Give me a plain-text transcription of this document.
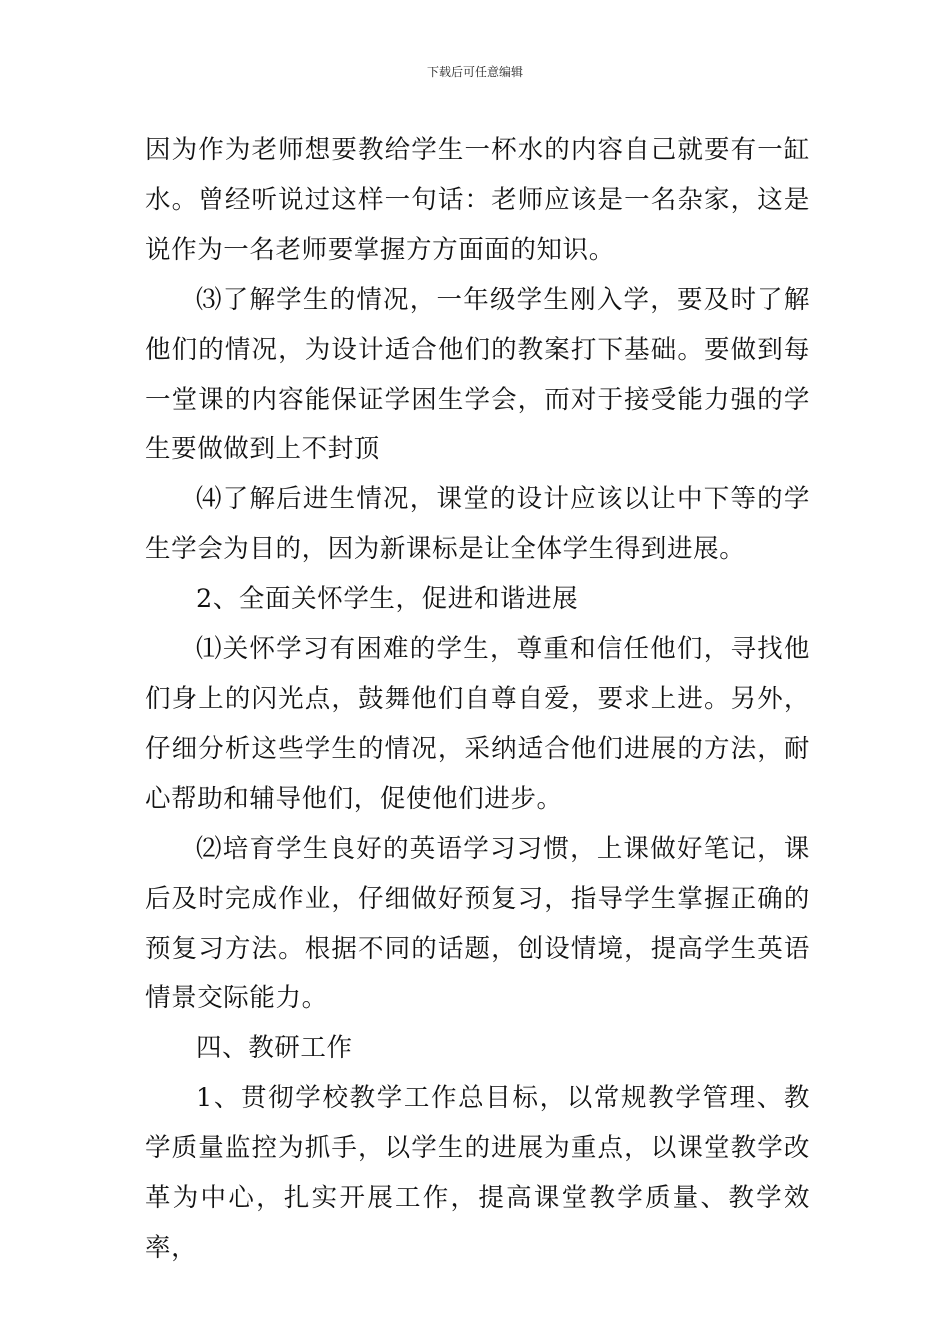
下载后可任意编辑

因为作为老师想要教给学生一杯水的内容自己就要有一缸水。曾经听说过这样一句话：老师应该是一名杂家，这是说作为一名老师要掌握方方面面的知识。

⑶了解学生的情况，一年级学生刚入学，要及时了解他们的情况，为设计适合他们的教案打下基础。要做到每一堂课的内容能保证学困生学会，而对于接受能力强的学生要做做到上不封顶

⑷了解后进生情况，课堂的设计应该以让中下等的学生学会为目的，因为新课标是让全体学生得到进展。

2、全面关怀学生，促进和谐进展

⑴关怀学习有困难的学生，尊重和信任他们，寻找他们身上的闪光点，鼓舞他们自尊自爱，要求上进。另外，仔细分析这些学生的情况，采纳适合他们进展的方法，耐心帮助和辅导他们，促使他们进步。

⑵培育学生良好的英语学习习惯，上课做好笔记，课后及时完成作业，仔细做好预复习，指导学生掌握正确的预复习方法。根据不同的话题，创设情境，提高学生英语情景交际能力。

四、教研工作

1、贯彻学校教学工作总目标，以常规教学管理、教学质量监控为抓手，以学生的进展为重点，以课堂教学改革为中心，扎实开展工作，提高课堂教学质量、教学效率，
